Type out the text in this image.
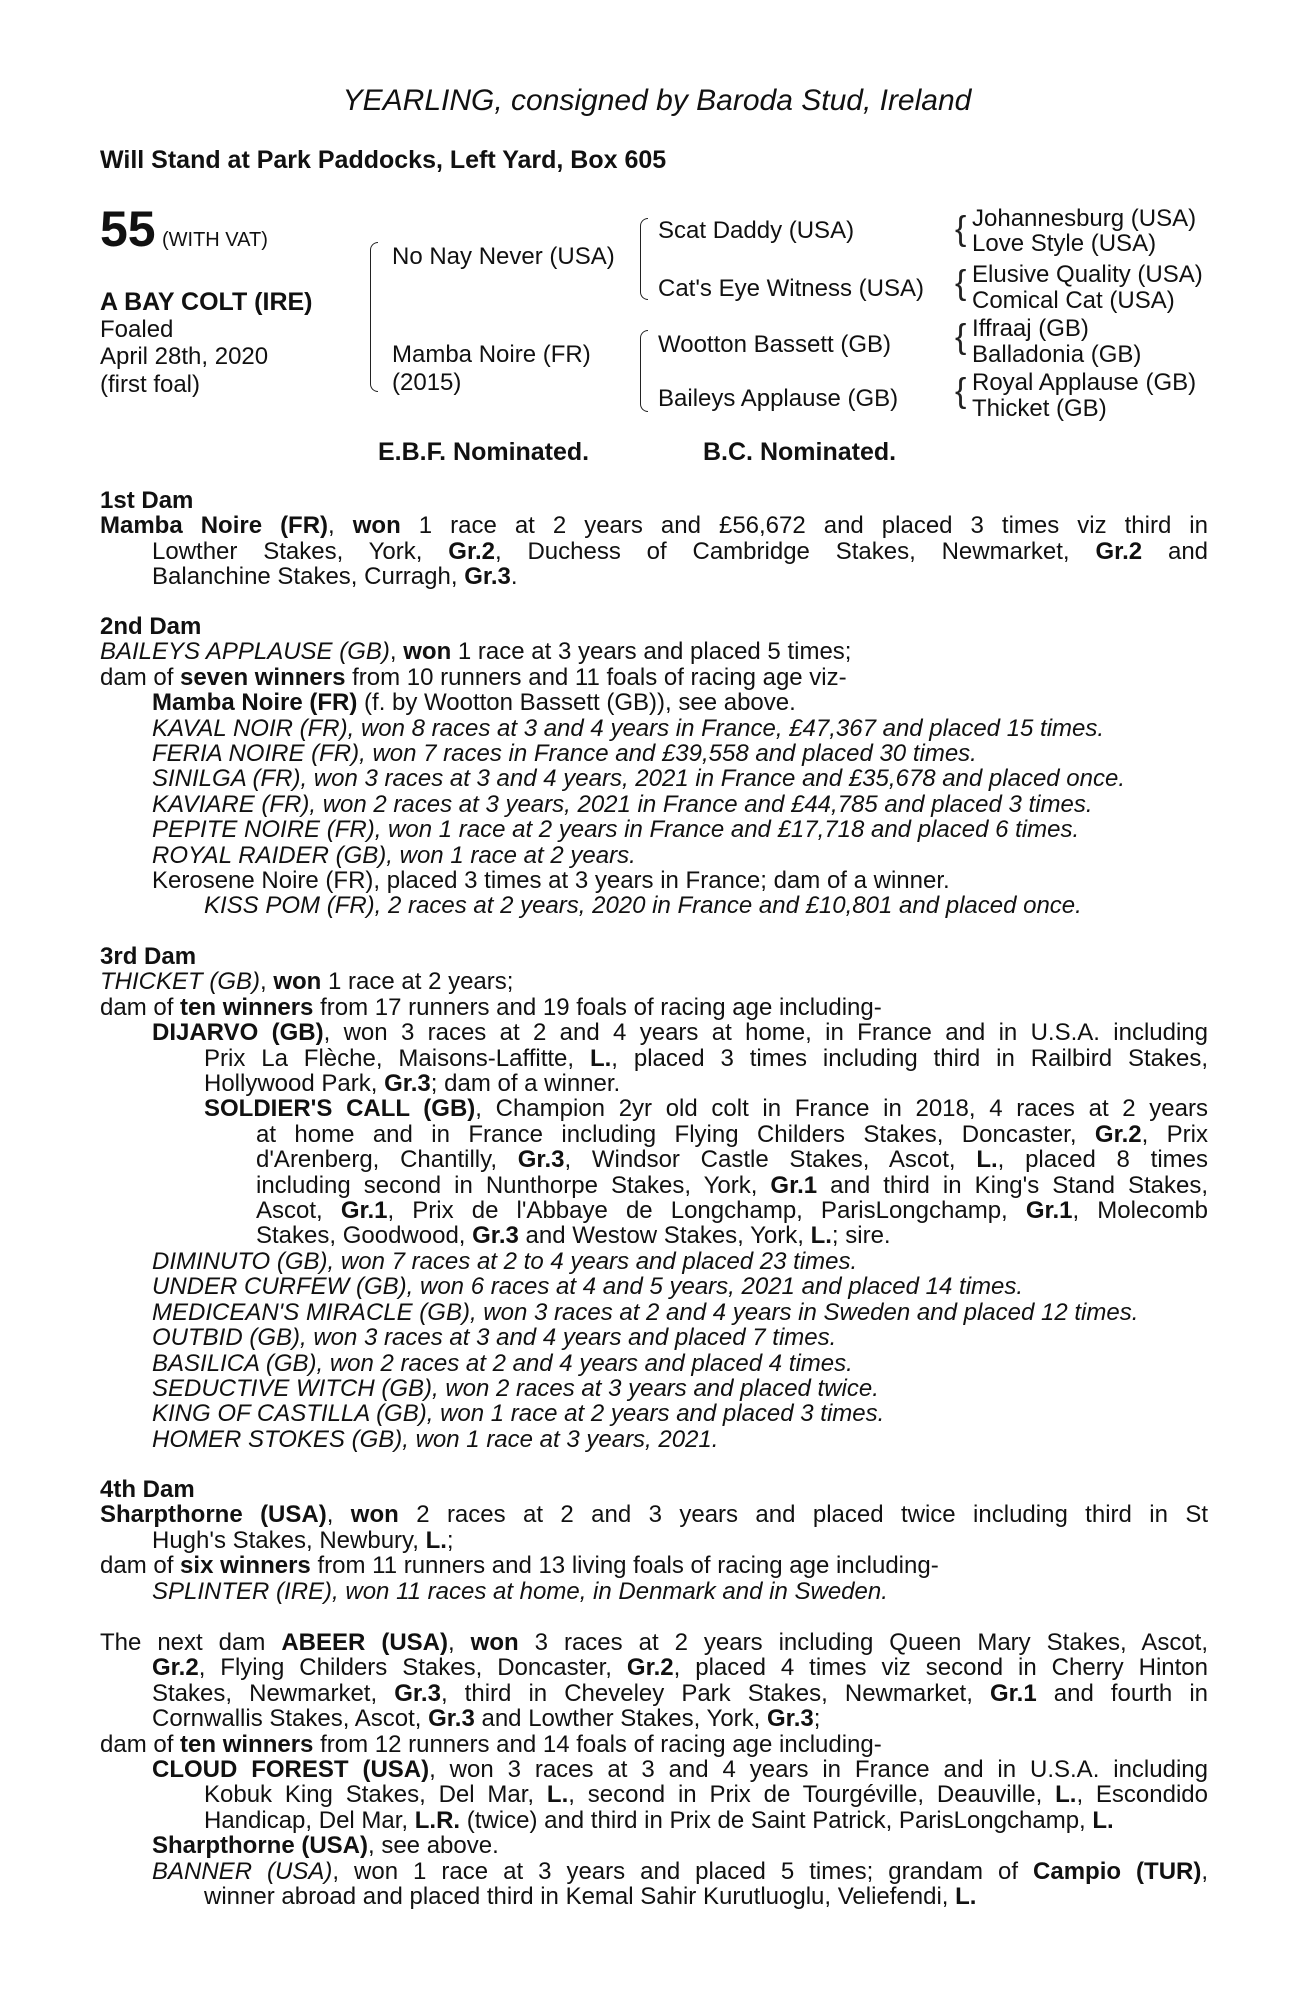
YEARLING, consigned by Baroda Stud, Ireland
Will Stand at Park Paddocks, Left Yard, Box 605
55 (WITH VAT)
A BAY COLT (IRE)
Foaled
April 28th, 2020
(first foal)
{
{
{
{
No Nay Never (USA)
Mamba Noire (FR)
(2015)
Scat Daddy (USA)
Cat's Eye Witness (USA)
Wootton Bassett (GB)
Baileys Applause (GB)
Johannesburg (USA)
Love Style (USA)
Elusive Quality (USA)
Comical Cat (USA)
Iffraaj (GB)
Balladonia (GB)
Royal Applause (GB)
Thicket (GB)
E.B.F. Nominated.	B.C. Nominated.
1st Dam
Mamba Noire (FR), won 1 race at 2 years and £56,672 and placed 3 times viz third in
Lowther Stakes, York, Gr.2, Duchess of Cambridge Stakes, Newmarket, Gr.2 and
Balanchine Stakes, Curragh, Gr.3.
2nd Dam
BAILEYS APPLAUSE (GB), won 1 race at 3 years and placed 5 times;
dam of seven winners from 10 runners and 11 foals of racing age viz-
Mamba Noire (FR) (f. by Wootton Bassett (GB)), see above.
KAVAL NOIR (FR), won 8 races at 3 and 4 years in France, £47,367 and placed 15 times.
FERIA NOIRE (FR), won 7 races in France and £39,558 and placed 30 times.
SINILGA (FR), won 3 races at 3 and 4 years, 2021 in France and £35,678 and placed once.
KAVIARE (FR), won 2 races at 3 years, 2021 in France and £44,785 and placed 3 times.
PEPITE NOIRE (FR), won 1 race at 2 years in France and £17,718 and placed 6 times.
ROYAL RAIDER (GB), won 1 race at 2 years.
Kerosene Noire (FR), placed 3 times at 3 years in France; dam of a winner.
KISS POM (FR), 2 races at 2 years, 2020 in France and £10,801 and placed once.
3rd Dam
THICKET (GB), won 1 race at 2 years;
dam of ten winners from 17 runners and 19 foals of racing age including-
DIJARVO (GB), won 3 races at 2 and 4 years at home, in France and in U.S.A. including
Prix La Flèche, Maisons-Laffitte, L., placed 3 times including third in Railbird Stakes,
Hollywood Park, Gr.3; dam of a winner.
SOLDIER'S CALL (GB), Champion 2yr old colt in France in 2018, 4 races at 2 years
at home and in France including Flying Childers Stakes, Doncaster, Gr.2, Prix
d'Arenberg, Chantilly, Gr.3, Windsor Castle Stakes, Ascot, L., placed 8 times
including second in Nunthorpe Stakes, York, Gr.1 and third in King's Stand Stakes,
Ascot, Gr.1, Prix de l'Abbaye de Longchamp, ParisLongchamp, Gr.1, Molecomb
Stakes, Goodwood, Gr.3 and Westow Stakes, York, L.; sire.
DIMINUTO (GB), won 7 races at 2 to 4 years and placed 23 times.
UNDER CURFEW (GB), won 6 races at 4 and 5 years, 2021 and placed 14 times.
MEDICEAN'S MIRACLE (GB), won 3 races at 2 and 4 years in Sweden and placed 12 times.
OUTBID (GB), won 3 races at 3 and 4 years and placed 7 times.
BASILICA (GB), won 2 races at 2 and 4 years and placed 4 times.
SEDUCTIVE WITCH (GB), won 2 races at 3 years and placed twice.
KING OF CASTILLA (GB), won 1 race at 2 years and placed 3 times.
HOMER STOKES (GB), won 1 race at 3 years, 2021.
4th Dam
Sharpthorne (USA), won 2 races at 2 and 3 years and placed twice including third in St
Hugh's Stakes, Newbury, L.;
dam of six winners from 11 runners and 13 living foals of racing age including-
SPLINTER (IRE), won 11 races at home, in Denmark and in Sweden.
The next dam ABEER (USA), won 3 races at 2 years including Queen Mary Stakes, Ascot,
Gr.2, Flying Childers Stakes, Doncaster, Gr.2, placed 4 times viz second in Cherry Hinton
Stakes, Newmarket, Gr.3, third in Cheveley Park Stakes, Newmarket, Gr.1 and fourth in
Cornwallis Stakes, Ascot, Gr.3 and Lowther Stakes, York, Gr.3;
dam of ten winners from 12 runners and 14 foals of racing age including-
CLOUD FOREST (USA), won 3 races at 3 and 4 years in France and in U.S.A. including
Kobuk King Stakes, Del Mar, L., second in Prix de Tourgéville, Deauville, L., Escondido
Handicap, Del Mar, L.R. (twice) and third in Prix de Saint Patrick, ParisLongchamp, L.
Sharpthorne (USA), see above.
BANNER (USA), won 1 race at 3 years and placed 5 times; grandam of Campio (TUR),
winner abroad and placed third in Kemal Sahir Kurutluoglu, Veliefendi, L.
